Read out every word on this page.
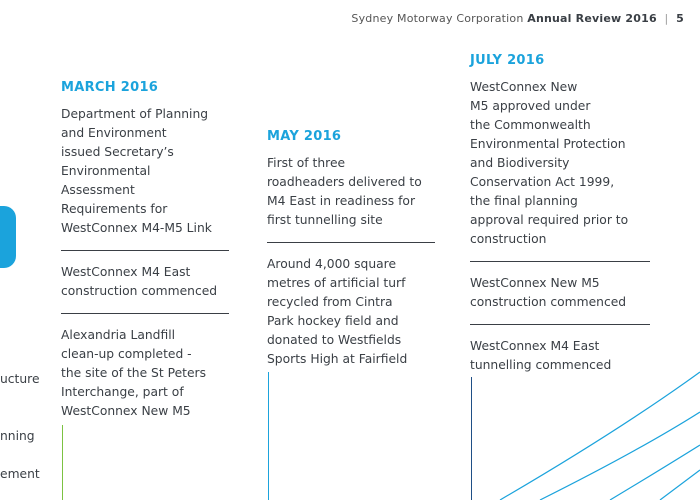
Sydney Motorway Corporation Annual Review 2016 | 5
ucture
nning
ement
MARCH 2016

Department of Planning
and Environment
issued Secretary’s
Environmental
Assessment
Requirements for
WestConnex M4-M5 Link

WestConnex M4 East
construction commenced

Alexandria Landfill
clean-up completed -
the site of the St Peters
Interchange, part of
WestConnex New M5

MAY 2016

First of three
roadheaders delivered to
M4 East in readiness for
first tunnelling site

Around 4,000 square
metres of artificial turf
recycled from Cintra
Park hockey field and
donated to Westfields
Sports High at Fairfield

JULY 2016

WestConnex New
M5 approved under
the Commonwealth
Environmental Protection
and Biodiversity
Conservation Act 1999,
the final planning
approval required prior to
construction

WestConnex New M5
construction commenced

WestConnex M4 East
tunnelling commenced
